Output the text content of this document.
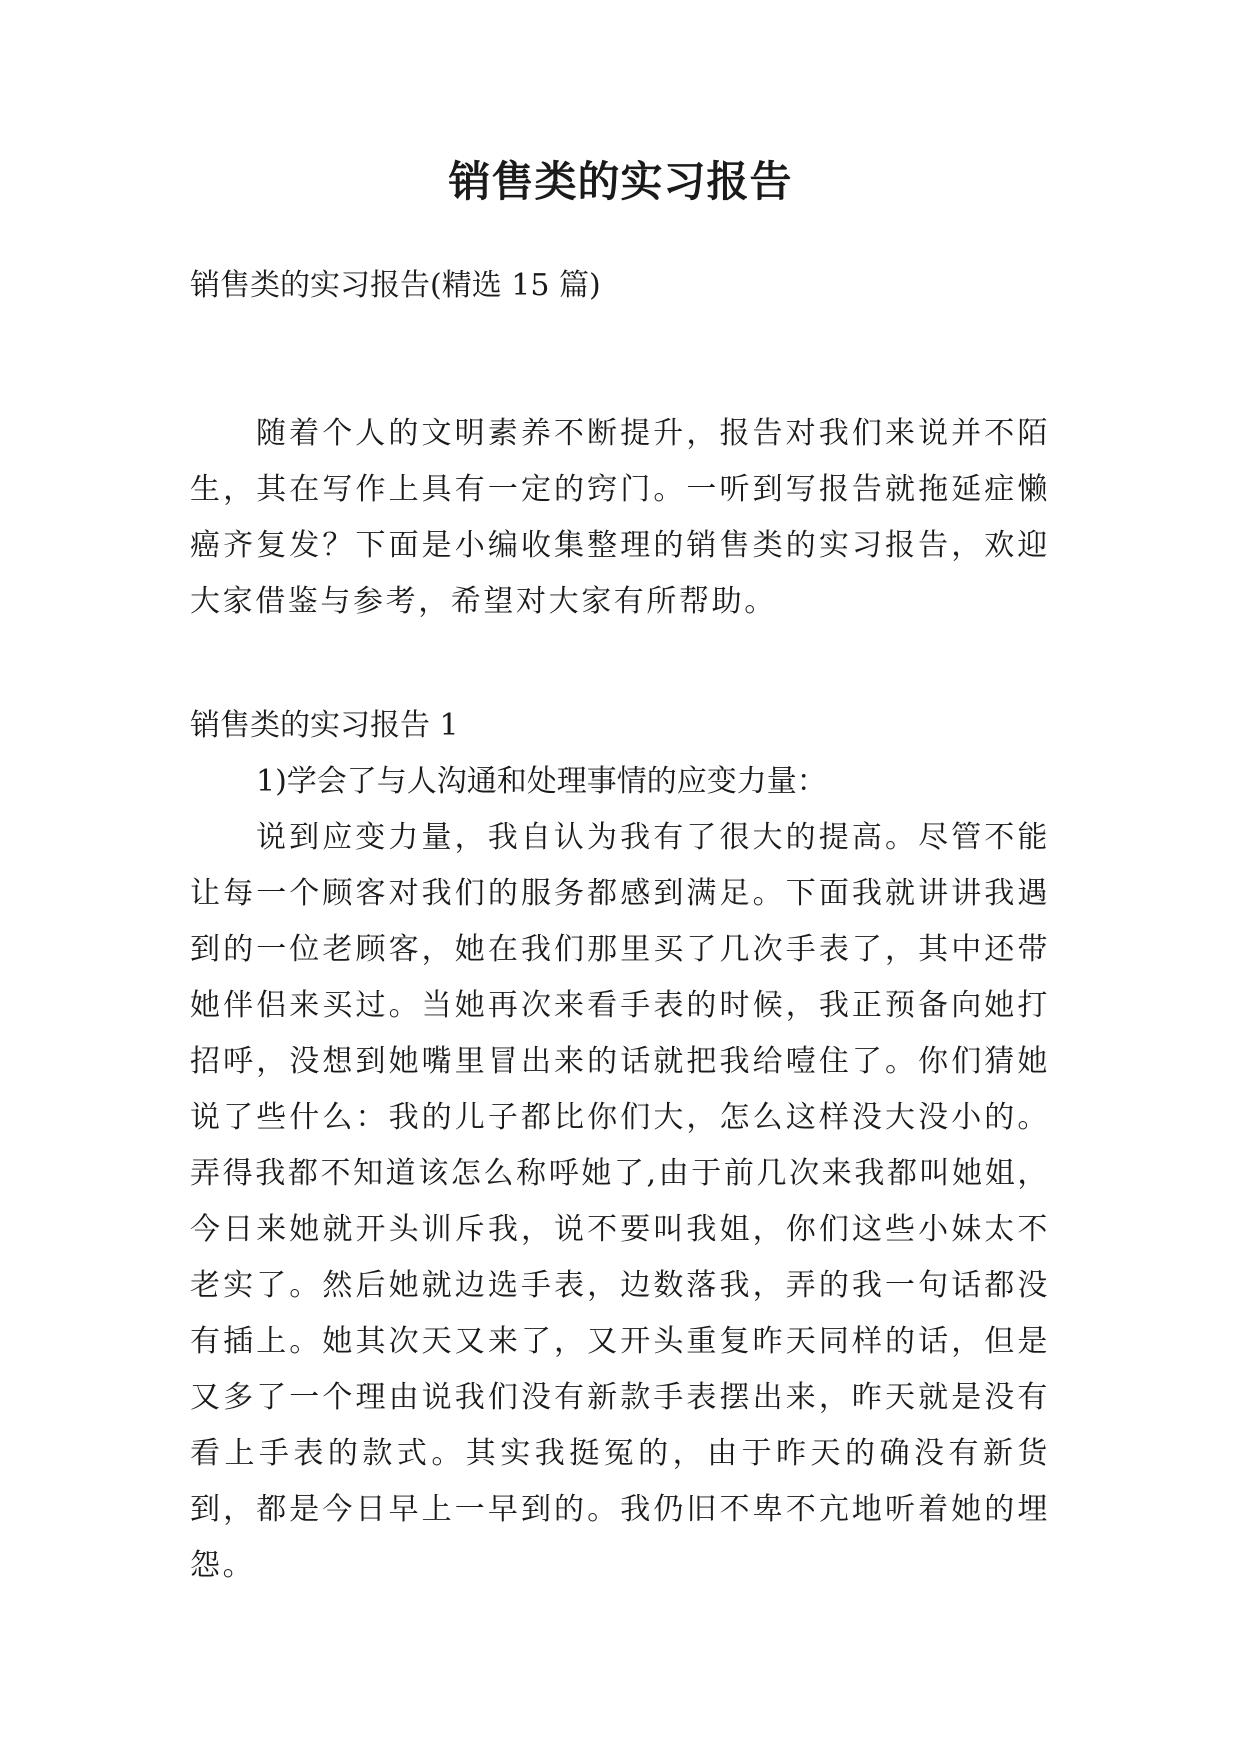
销售类的实习报告

销售类的实习报告(精选 15 篇)

随着个人的文明素养不断提升，报告对我们来说并不陌生，其在写作上具有一定的窍门。一听到写报告就拖延症懒癌齐复发？下面是小编收集整理的销售类的实习报告，欢迎大家借鉴与参考，希望对大家有所帮助。

销售类的实习报告 1

1)学会了与人沟通和处理事情的应变力量：

说到应变力量，我自认为我有了很大的提高。尽管不能让每一个顾客对我们的服务都感到满足。下面我就讲讲我遇到的一位老顾客，她在我们那里买了几次手表了，其中还带她伴侣来买过。当她再次来看手表的时候，我正预备向她打招呼，没想到她嘴里冒出来的话就把我给噎住了。你们猜她说了些什么：我的儿子都比你们大，怎么这样没大没小的。弄得我都不知道该怎么称呼她了,由于前几次来我都叫她姐，今日来她就开头训斥我，说不要叫我姐，你们这些小妹太不老实了。然后她就边选手表，边数落我，弄的我一句话都没有插上。她其次天又来了，又开头重复昨天同样的话，但是又多了一个理由说我们没有新款手表摆出来，昨天就是没有看上手表的款式。其实我挺冤的，由于昨天的确没有新货到，都是今日早上一早到的。我仍旧不卑不亢地听着她的埋怨。
